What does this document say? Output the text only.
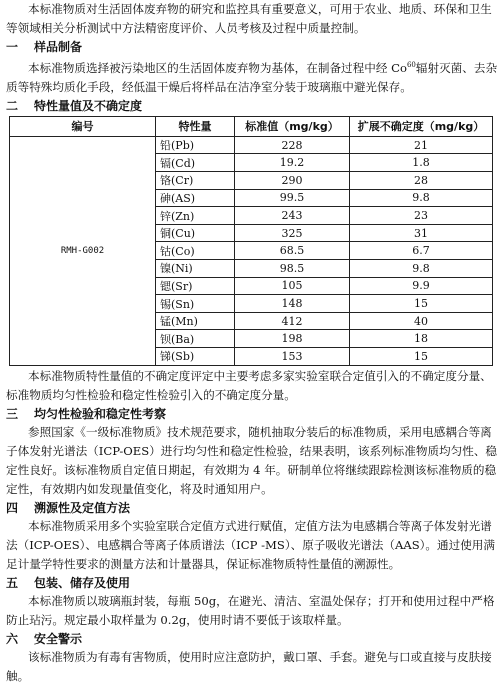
本标准物质对生活固体废弃物的研究和监控具有重要意义，可用于农业、地质、环保和卫生等领域相关分析测试中方法精密度评价、人员考核及过程中质量控制。

一 样品制备

本标准物质选择被污染地区的生活固体废弃物为基体，在制备过程中经 Co$^{60}$辐射灭菌、去杂质等特殊均质化手段，经低温干燥后将样品在洁净室分装于玻璃瓶中避光保存。

二 特性量值及不确定度
编号	特性量	标准值（mg/kg）	扩展不确定度（mg/kg）
RMH-G002	铅(Pb)	228	21
	镉(Cd)	19.2	1.8
	铬(Cr)	290	28
	砷(AS)	99.5	9.8
	锌(Zn)	243	23
	铜(Cu)	325	31
	钴(Co)	68.5	6.7
	镍(Ni)	98.5	9.8
	锶(Sr)	105	9.9
	锡(Sn)	148	15
	锰(Mn)	412	40
	钡(Ba)	198	18
	锑(Sb)	153	15

本标准物质特性量值的不确定度评定中主要考虑多家实验室联合定值引入的不确定度分量、标准物质均匀性检验和稳定性检验引入的不确定度分量。

三 均匀性检验和稳定性考察

参照国家《一级标准物质》技术规范要求，随机抽取分装后的标准物质，采用电感耦合等离子体发射光谱法（ICP-OES）进行均匀性和稳定性检验，结果表明，该系列标准物质均匀性、稳定性良好。该标准物质自定值日期起，有效期为 4 年。研制单位将继续跟踪检测该标准物质的稳定性，有效期内如发现量值变化，将及时通知用户。

四 溯源性及定值方法

本标准物质采用多个实验室联合定值方式进行赋值，定值方法为电感耦合等离子体发射光谱法（ICP-OES）、电感耦合等离子体质谱法（ICP -MS）、原子吸收光谱法（AAS）。通过使用满足计量学特性要求的测量方法和计量器具，保证标准物质特性量值的溯源性。

五 包装、储存及使用

本标准物质以玻璃瓶封装，每瓶 50g，在避光、清洁、室温处保存；打开和使用过程中严格防止玷污。规定最小取样量为 0.2g，使用时请不要低于该取样量。

六 安全警示

该标准物质为有毒有害物质，使用时应注意防护，戴口罩、手套。避免与口或直接与皮肤接触。
